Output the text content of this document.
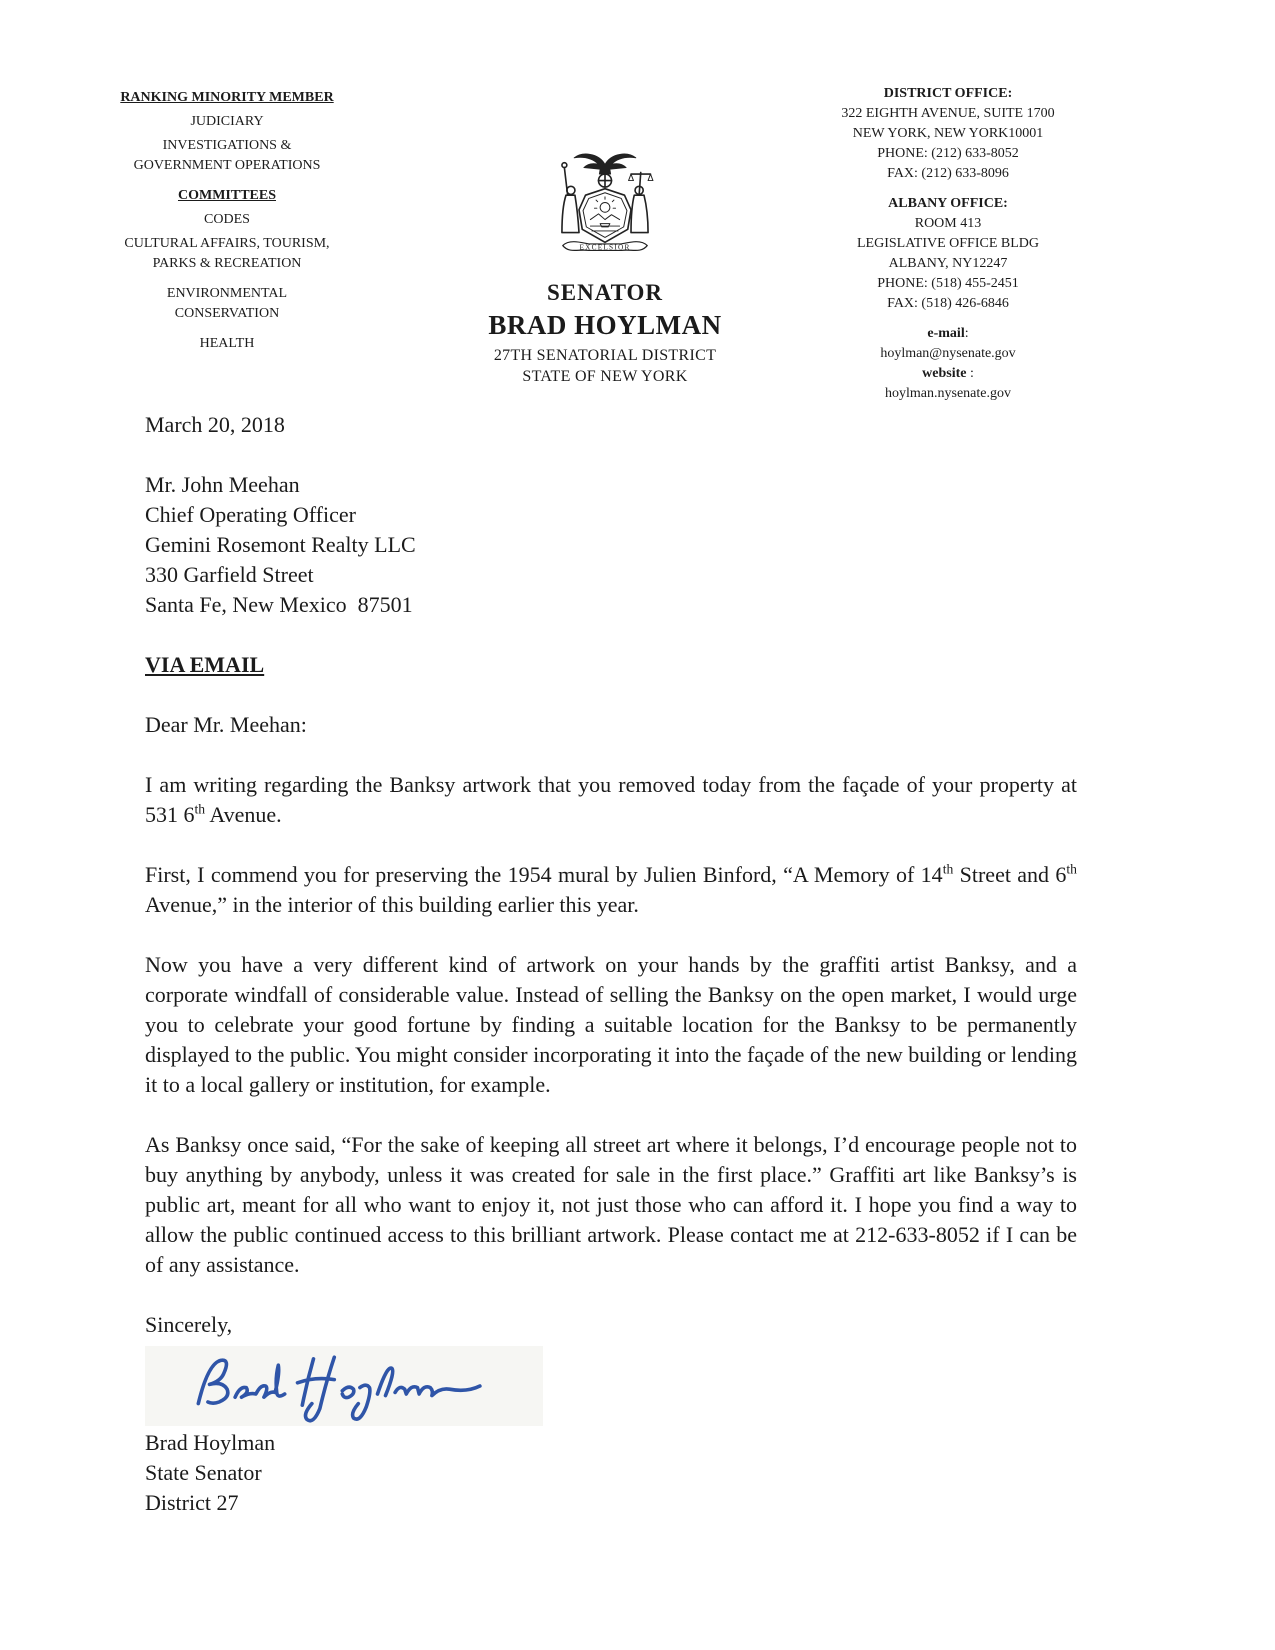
RANKING MINORITY MEMBER
JUDICIARY
INVESTIGATIONS & GOVERNMENT OPERATIONS
COMMITTEES
CODES
CULTURAL AFFAIRS, TOURISM, PARKS & RECREATION
ENVIRONMENTAL CONSERVATION
HEALTH
EXCELSIOR
SENATOR
BRAD HOYLMAN
27TH SENATORIAL DISTRICT
STATE OF NEW YORK
DISTRICT OFFICE:
322 EIGHTH AVENUE, SUITE 1700
NEW YORK, NEW YORK10001
PHONE: (212) 633-8052
FAX: (212) 633-8096
ALBANY OFFICE:
ROOM 413
LEGISLATIVE OFFICE BLDG
ALBANY, NY12247
PHONE: (518) 455-2451
FAX: (518) 426-6846
e-mail:
hoylman@nysenate.gov
website :
hoylman.nysenate.gov
March 20, 2018
Mr. John Meehan
Chief Operating Officer
Gemini Rosemont Realty LLC
330 Garfield Street
Santa Fe, New Mexico  87501
VIA EMAIL
Dear Mr. Meehan:

I am writing regarding the Banksy artwork that you removed today from the façade of your property at 531 6th Avenue.

First, I commend you for preserving the 1954 mural by Julien Binford, “A Memory of 14th Street and 6th Avenue,” in the interior of this building earlier this year.

Now you have a very different kind of artwork on your hands by the graffiti artist Banksy, and a corporate windfall of considerable value. Instead of selling the Banksy on the open market, I would urge you to celebrate your good fortune by finding a suitable location for the Banksy to be permanently displayed to the public. You might consider incorporating it into the façade of the new building or lending it to a local gallery or institution, for example.

As Banksy once said, “For the sake of keeping all street art where it belongs, I’d encourage people not to buy anything by anybody, unless it was created for sale in the first place.” Graffiti art like Banksy’s is public art, meant for all who want to enjoy it, not just those who can afford it. I hope you find a way to allow the public continued access to this brilliant artwork. Please contact me at 212-633-8052 if I can be of any assistance.

Sincerely,
Brad Hoylman
State Senator
District 27
